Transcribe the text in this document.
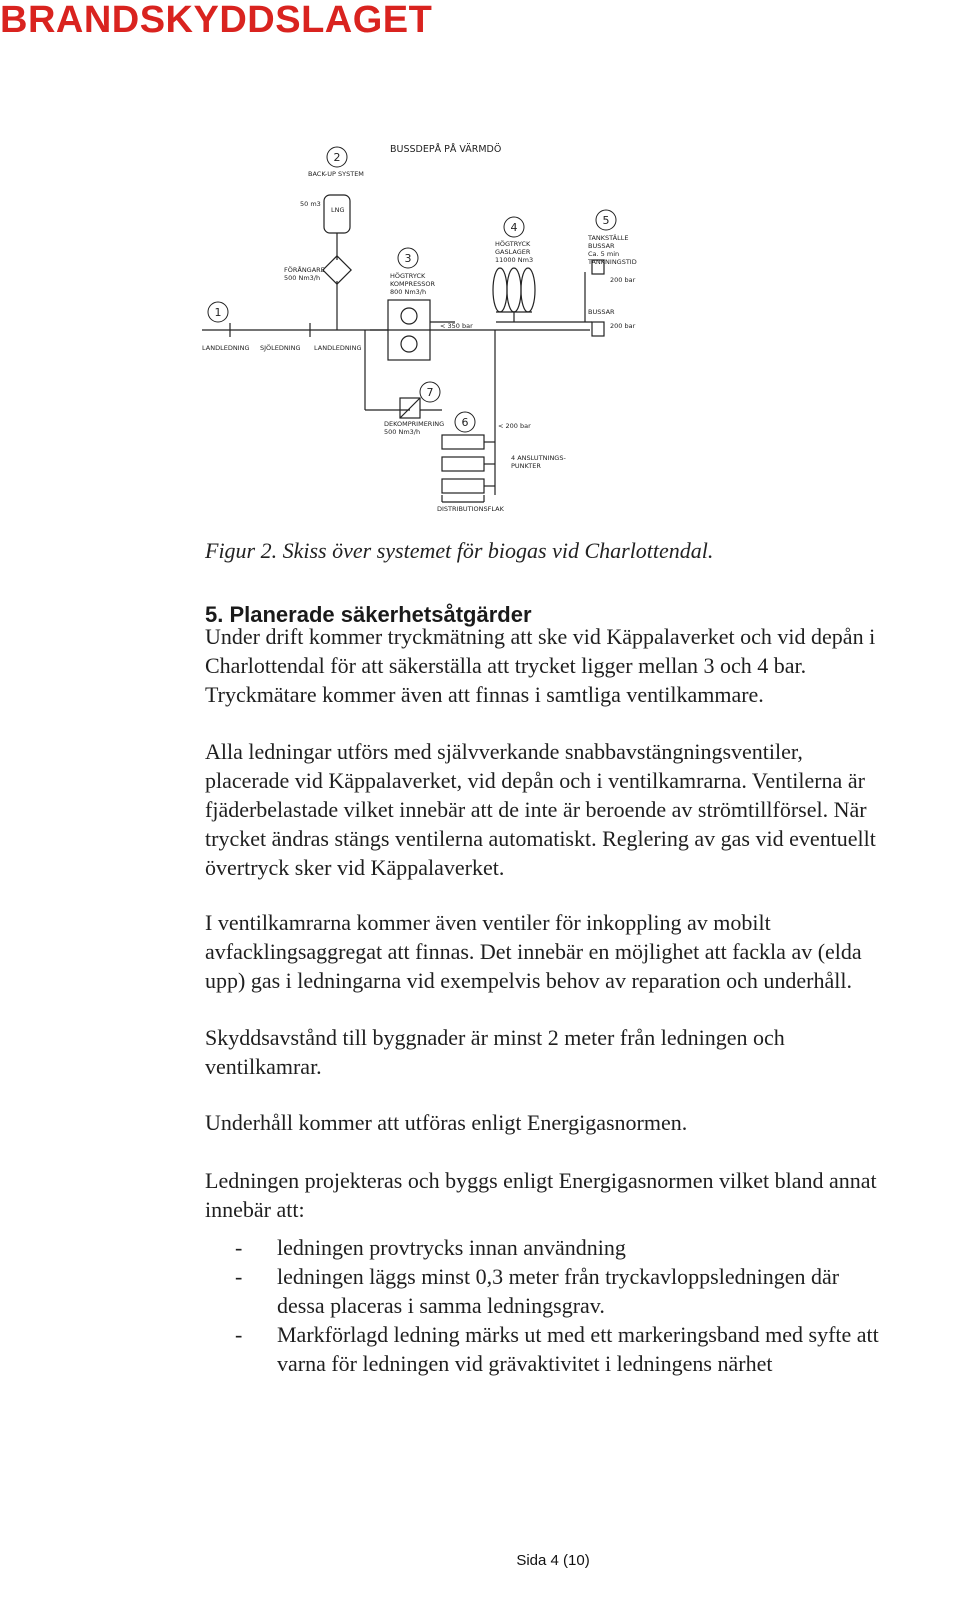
BRANDSKYDDSLAGET
1
2
3
4
5
6
7
BUSSDEPÅ PÅ VÄRMDÖ
BACK-UP SYSTEM
50 m3
LNG
FÖRÅNGARE
500 Nm3/h	HÖGTRYCK
KOMPRESSOR
800 Nm3/h
< 350 bar
HÖGTRYCK
GASLAGER
11000 Nm3
TANKSTÄLLE
BUSSAR
Ca. 5 min
TANKNINGSTID
200 bar
BUSSAR
200 bar
LANDLEDNING SJÖLEDNING LANDLEDNING
DEKOMPRIMERING
500 Nm3/h
< 200 bar
4 ANSLUTNINGS-
PUNKTER
DISTRIBUTIONSFLAK
Figur 2. Skiss över systemet för biogas vid Charlottendal.
5. Planerade säkerhetsåtgärder

Under drift kommer tryckmätning att ske vid Käppalaverket och vid depån i
Charlottendal för att säkerställa att trycket ligger mellan 3 och 4 bar.
Tryckmätare kommer även att finnas i samtliga ventilkammare.

Alla ledningar utförs med självverkande snabbavstängningsventiler,
placerade vid Käppalaverket, vid depån och i ventilkamrarna. Ventilerna är
fjäderbelastade vilket innebär att de inte är beroende av strömtillförsel. När
trycket ändras stängs ventilerna automatiskt. Reglering av gas vid eventuellt
övertryck sker vid Käppalaverket.

I ventilkamrarna kommer även ventiler för inkoppling av mobilt
avfacklingsaggregat att finnas. Det innebär en möjlighet att fackla av (elda
upp) gas i ledningarna vid exempelvis behov av reparation och underhåll.

Skyddsavstånd till byggnader är minst 2 meter från ledningen och
ventilkamrar.

Underhåll kommer att utföras enligt Energigasnormen.

Ledningen projekteras och byggs enligt Energigasnormen vilket bland annat
innebär att:

- ledningen provtrycks innan användning
- ledningen läggs minst 0,3 meter från tryckavloppsledningen där
dessa placeras i samma ledningsgrav.
- Markförlagd ledning märks ut med ett markeringsband med syfte att
varna för ledningen vid grävaktivitet i ledningens närhet
Sida 4 (10)
